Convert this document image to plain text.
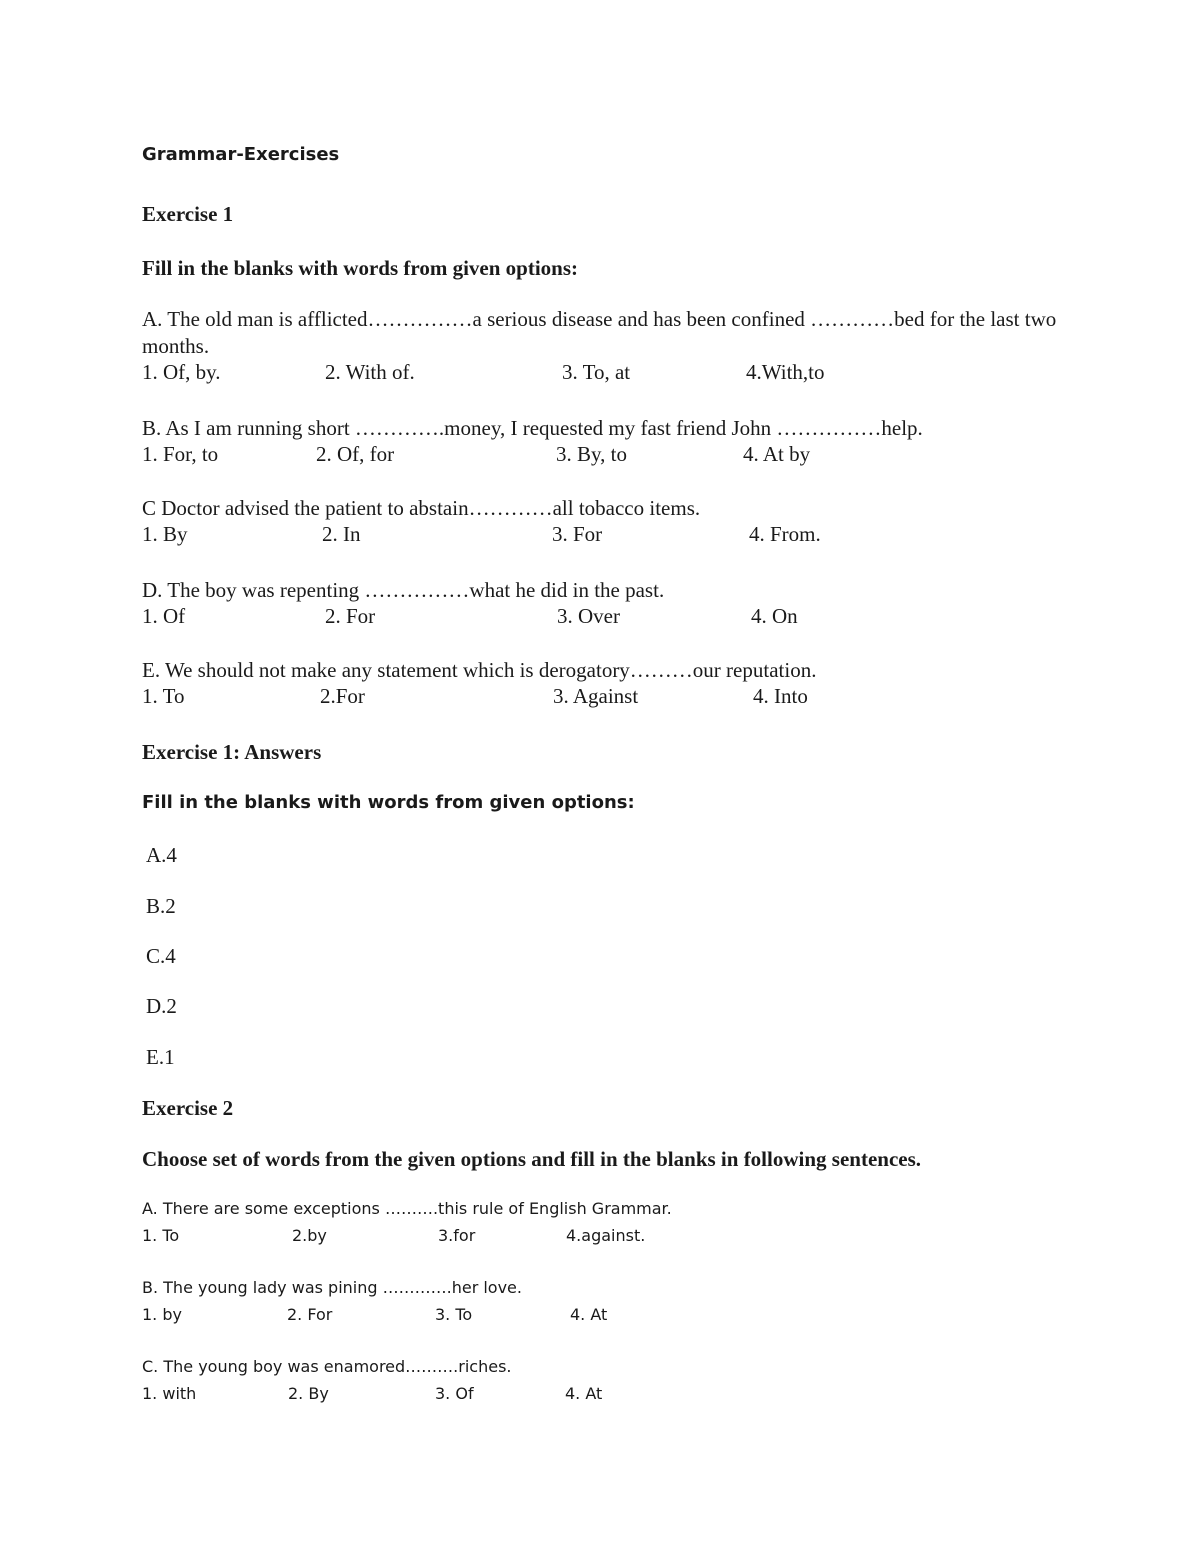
Grammar-Exercises

Exercise 1

Fill in the blanks with words from given options:

A. The old man is afflicted……………a serious disease and has been confined …………bed for the last two months.

1. Of, by.	2. With of.	3. To, at	4.With,to

B. As I am running short ………….money, I requested my fast friend John ……………help.

1. For, to	2. Of, for	3. By, to	4. At by

C Doctor advised the patient to abstain…………all tobacco items.

1. By	2. In	3. For	4. From.

D. The boy was repenting ……………what he did in the past.

1. Of	2. For	3. Over	4. On

E. We should not make any statement which is derogatory………our reputation.

1. To	2.For	3. Against	4. Into

Exercise 1: Answers

Fill in the blanks with words from given options:

A.4

B.2

C.4

D.2

E.1

Exercise 2

Choose set of words from the given options and fill in the blanks in following sentences.

A. There are some exceptions ……….this rule of English Grammar.

1. To	2.by	3.for	4.against.

B. The young lady was pining ………….her love.

1. by	2. For	3. To	4. At

C. The young boy was enamored……….riches.

1. with	2. By	3. Of	4. At
